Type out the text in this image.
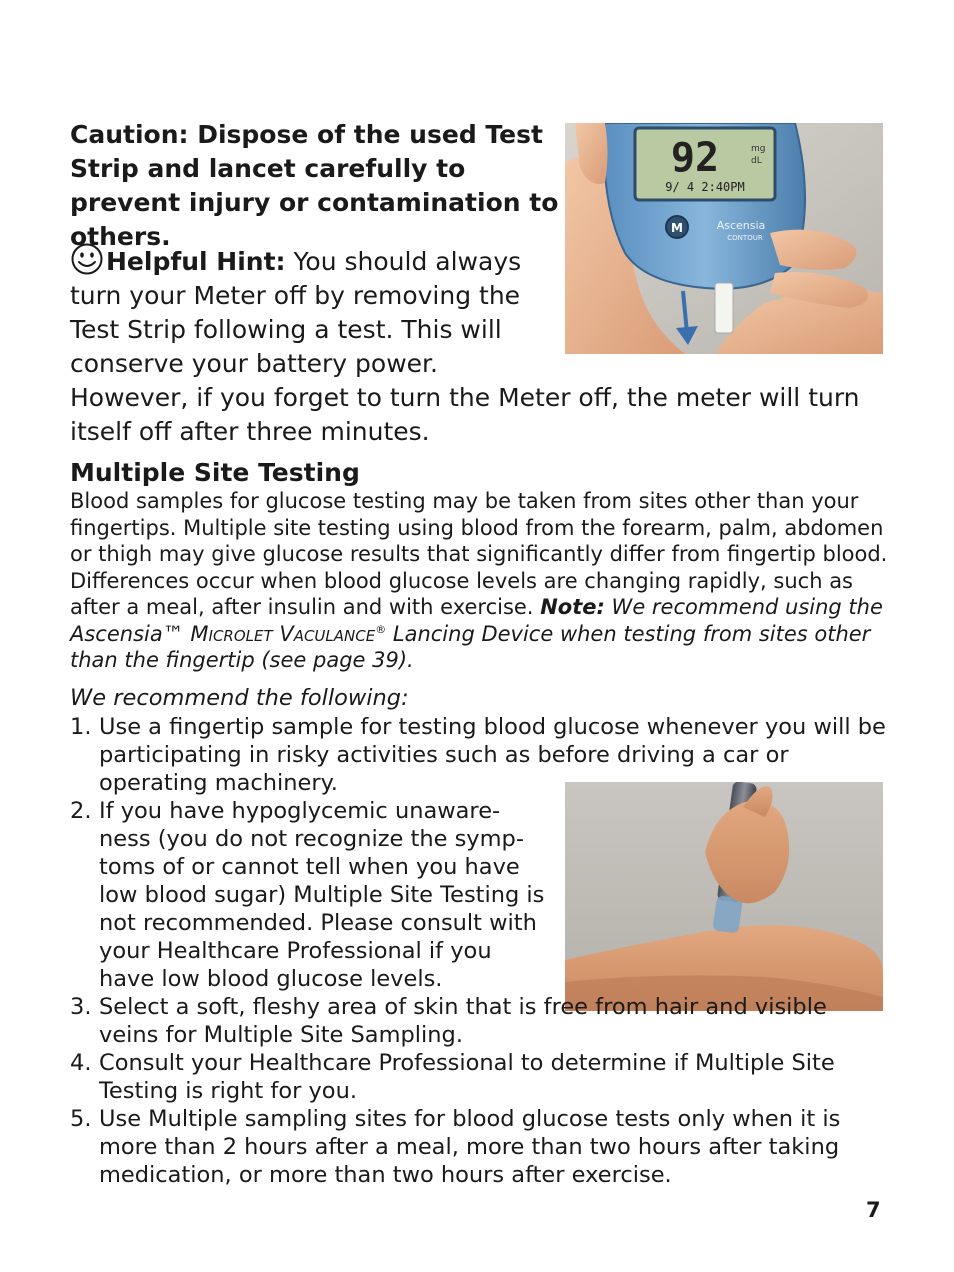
Caution: Dispose of the used Test Strip and lancet carefully to prevent injury or contamination to others.
92	mg
dL
9/ 4 2:40PM
M	Ascensia
CONTOUR
Helpful Hint: You should always turn your Meter off by removing the Test Strip following a test. This will conserve your battery power.
However, if you forget to turn the Meter off, the meter will turn itself off after three minutes.
Multiple Site Testing
Blood samples for glucose testing may be taken from sites other than your fingertips. Multiple site testing using blood from the forearm, palm, abdomen or thigh may give glucose results that significantly differ from fingertip blood. Differences occur when blood glucose levels are changing rapidly, such as after a meal, after insulin and with exercise. Note: We recommend using the Ascensia™ Microlet Vaculance® Lancing Device when testing from sites other than the fingertip (see page 39).
We recommend the following:
1. Use a fingertip sample for testing blood glucose whenever you will be participating in risky activities such as before driving a car or operating machinery.
2. If you have hypoglycemic unaware-ness (you do not recognize the symp-toms of or cannot tell when you have low blood sugar) Multiple Site Testing is not recommended. Please consult with your Healthcare Professional if you have low blood glucose levels.
3. Select a soft, fleshy area of skin that is free from hair and visible veins for Multiple Site Sampling.
4. Consult your Healthcare Professional to determine if Multiple Site Testing is right for you.
5. Use Multiple sampling sites for blood glucose tests only when it is more than 2 hours after a meal, more than two hours after taking medication, or more than two hours after exercise.
7
